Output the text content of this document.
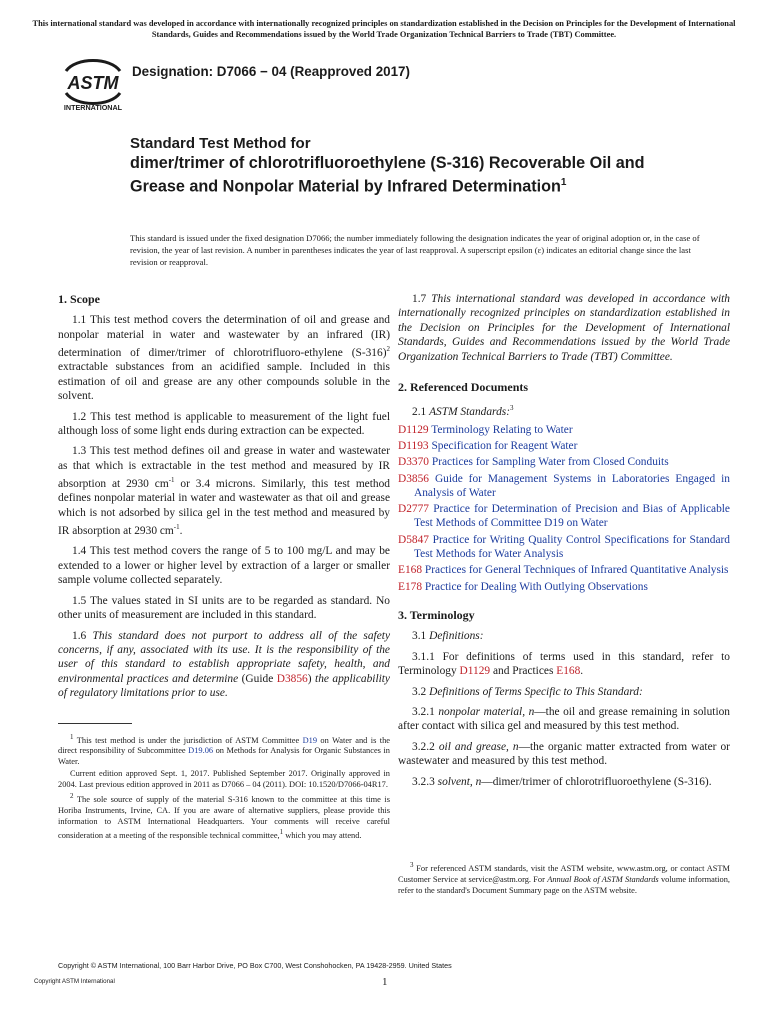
This international standard was developed in accordance with internationally recognized principles on standardization established in the Decision on Principles for the Development of International Standards, Guides and Recommendations issued by the World Trade Organization Technical Barriers to Trade (TBT) Committee.
ASTM
INTERNATIONAL
Designation: D7066 − 04 (Reapproved 2017)
Standard Test Method for
dimer/trimer of chlorotrifluoroethylene (S-316) Recoverable Oil and Grease and Nonpolar Material by Infrared Determination$^1$
This standard is issued under the fixed designation D7066; the number immediately following the designation indicates the year of original adoption or, in the case of revision, the year of last revision. A number in parentheses indicates the year of last reapproval. A superscript epsilon (ε) indicates an editorial change since the last revision or reapproval.
1. Scope

1.1 This test method covers the determination of oil and grease and nonpolar material in water and wastewater by an infrared (IR) determination of dimer/trimer of chlorotrifluoro-ethylene $(S-316)^2$ extractable substances from an acidified sample. Included in this estimation of oil and grease are any other compounds soluble in the solvent.

1.2 This test method is applicable to measurement of the light fuel although loss of some light ends during extraction can be expected.

1.3 This test method defines oil and grease in water and wastewater as that which is extractable in the test method and measured by IR absorption at 2930 $cm^{-1}$ or 3.4 microns. Similarly, this test method defines nonpolar material in water and wastewater as that oil and grease which is not adsorbed by silica gel in the test method and measured by IR absorption at 2930 $cm^{-1}$.

1.4 This test method covers the range of 5 to 100 mg/L and may be extended to a lower or higher level by extraction of a larger or smaller sample volume collected separately.

1.5 The values stated in SI units are to be regarded as standard. No other units of measurement are included in this standard.

1.6 This standard does not purport to address all of the safety concerns, if any, associated with its use. It is the responsibility of the user of this standard to establish appropriate safety, health, and environmental practices and determine (Guide D3856) the applicability of regulatory limitations prior to use.

$^1$ This test method is under the jurisdiction of ASTM Committee D19 on Water and is the direct responsibility of Subcommittee D19.06 on Methods for Analysis for Organic Substances in Water.

Current edition approved Sept. 1, 2017. Published September 2017. Originally approved in 2004. Last previous edition approved in 2011 as D7066 – 04 (2011). DOI: 10.1520/D7066-04R17.

$^2$ The sole source of supply of the material S-316 known to the committee at this time is Horiba Instruments, Irvine, CA. If you are aware of alternative suppliers, please provide this information to ASTM International Headquarters. Your comments will receive careful consideration at a meeting of the responsible technical committee,$^1$ which you may attend.

1.7 This international standard was developed in accordance with internationally recognized principles on standardization established in the Decision on Principles for the Development of International Standards, Guides and Recommendations issued by the World Trade Organization Technical Barriers to Trade (TBT) Committee.

2. Referenced Documents

2.1 ASTM Standards:$^3$

D1129 Terminology Relating to Water

D1193 Specification for Reagent Water

D3370 Practices for Sampling Water from Closed Conduits

D3856 Guide for Management Systems in Laboratories Engaged in Analysis of Water

D2777 Practice for Determination of Precision and Bias of Applicable Test Methods of Committee D19 on Water

D5847 Practice for Writing Quality Control Specifications for Standard Test Methods for Water Analysis

E168 Practices for General Techniques of Infrared Quantitative Analysis

E178 Practice for Dealing With Outlying Observations

3. Terminology

3.1 Definitions:

3.1.1 For definitions of terms used in this standard, refer to Terminology D1129 and Practices E168.

3.2 Definitions of Terms Specific to This Standard:

3.2.1 nonpolar material, n—the oil and grease remaining in solution after contact with silica gel and measured by this test method.

3.2.2 oil and grease, n—the organic matter extracted from water or wastewater and measured by this test method.

3.2.3 solvent, n—dimer/trimer of chlorotrifluoroethylene (S-316).

$^3$ For referenced ASTM standards, visit the ASTM website, www.astm.org, or contact ASTM Customer Service at service@astm.org. For Annual Book of ASTM Standards volume information, refer to the standard's Document Summary page on the ASTM website.

Copyright © ASTM International, 100 Barr Harbor Drive, PO Box C700, West Conshohocken, PA 19428-2959. United States
Copyright ASTM International	1
